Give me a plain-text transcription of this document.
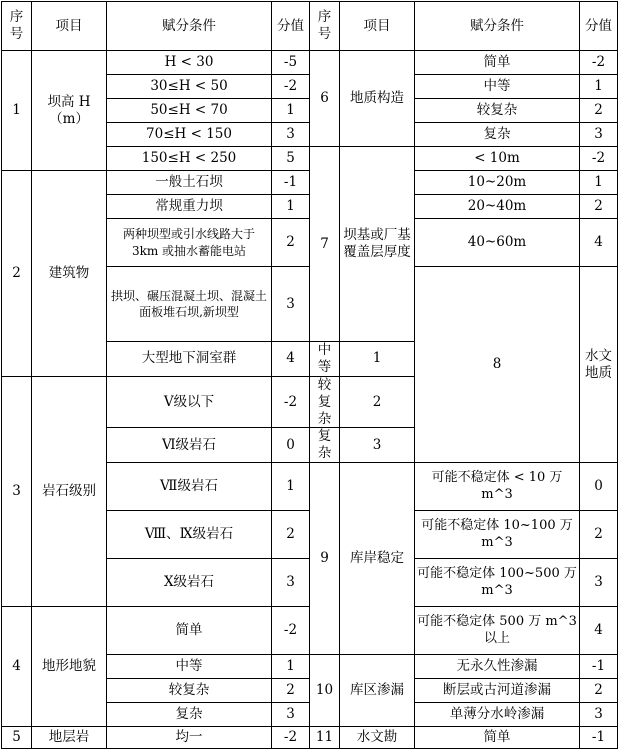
序号	项目	赋分条件	分值	序号	项目	赋分条件	分值	
1	坝高 H（m）	H < 30	-5	6	地质构造	简单	-2	
		30≤H < 50	-2			中等	1	
		50≤H < 70	1			较复杂	2	
		70≤H < 150	3			复杂	3	
		150≤H < 250	5	7	坝基或厂基覆盖层厚度	< 10m	-2	
2	建筑物	一般土石坝	-1			10~20m	1	
		常规重力坝	1			20~40m	2	
		两种坝型或引水线路大于 3km 或抽水蓄能电站	2			40~60m	4	
		拱坝、碾压混凝土坝、混凝土面板堆石坝,新坝型	3			8	水文地质		
		大型地下洞室群	4	中等	1			
3	岩石级别	Ⅴ级以下	-2	较复杂	2			
		Ⅵ级岩石	0	复杂	3			
		Ⅶ级岩石	1	9	库岸稳定	可能不稳定体 < 10 万 m^3	0	
		Ⅷ、Ⅸ级岩石	2			可能不稳定体 10~100 万 m^3	2	
		Ⅹ级岩石	3			可能不稳定体 100~500 万 m^3	3	
4	地形地貌	简单	-2			可能不稳定体 500 万 m^3 以上	4	
		中等	1	10	库区渗漏	无永久性渗漏	-1	
		较复杂	2			断层或古河道渗漏	2	
		复杂	3			单薄分水岭渗漏	3	
5	地层岩	均一	-2	11	水文勘	简单	-1	
